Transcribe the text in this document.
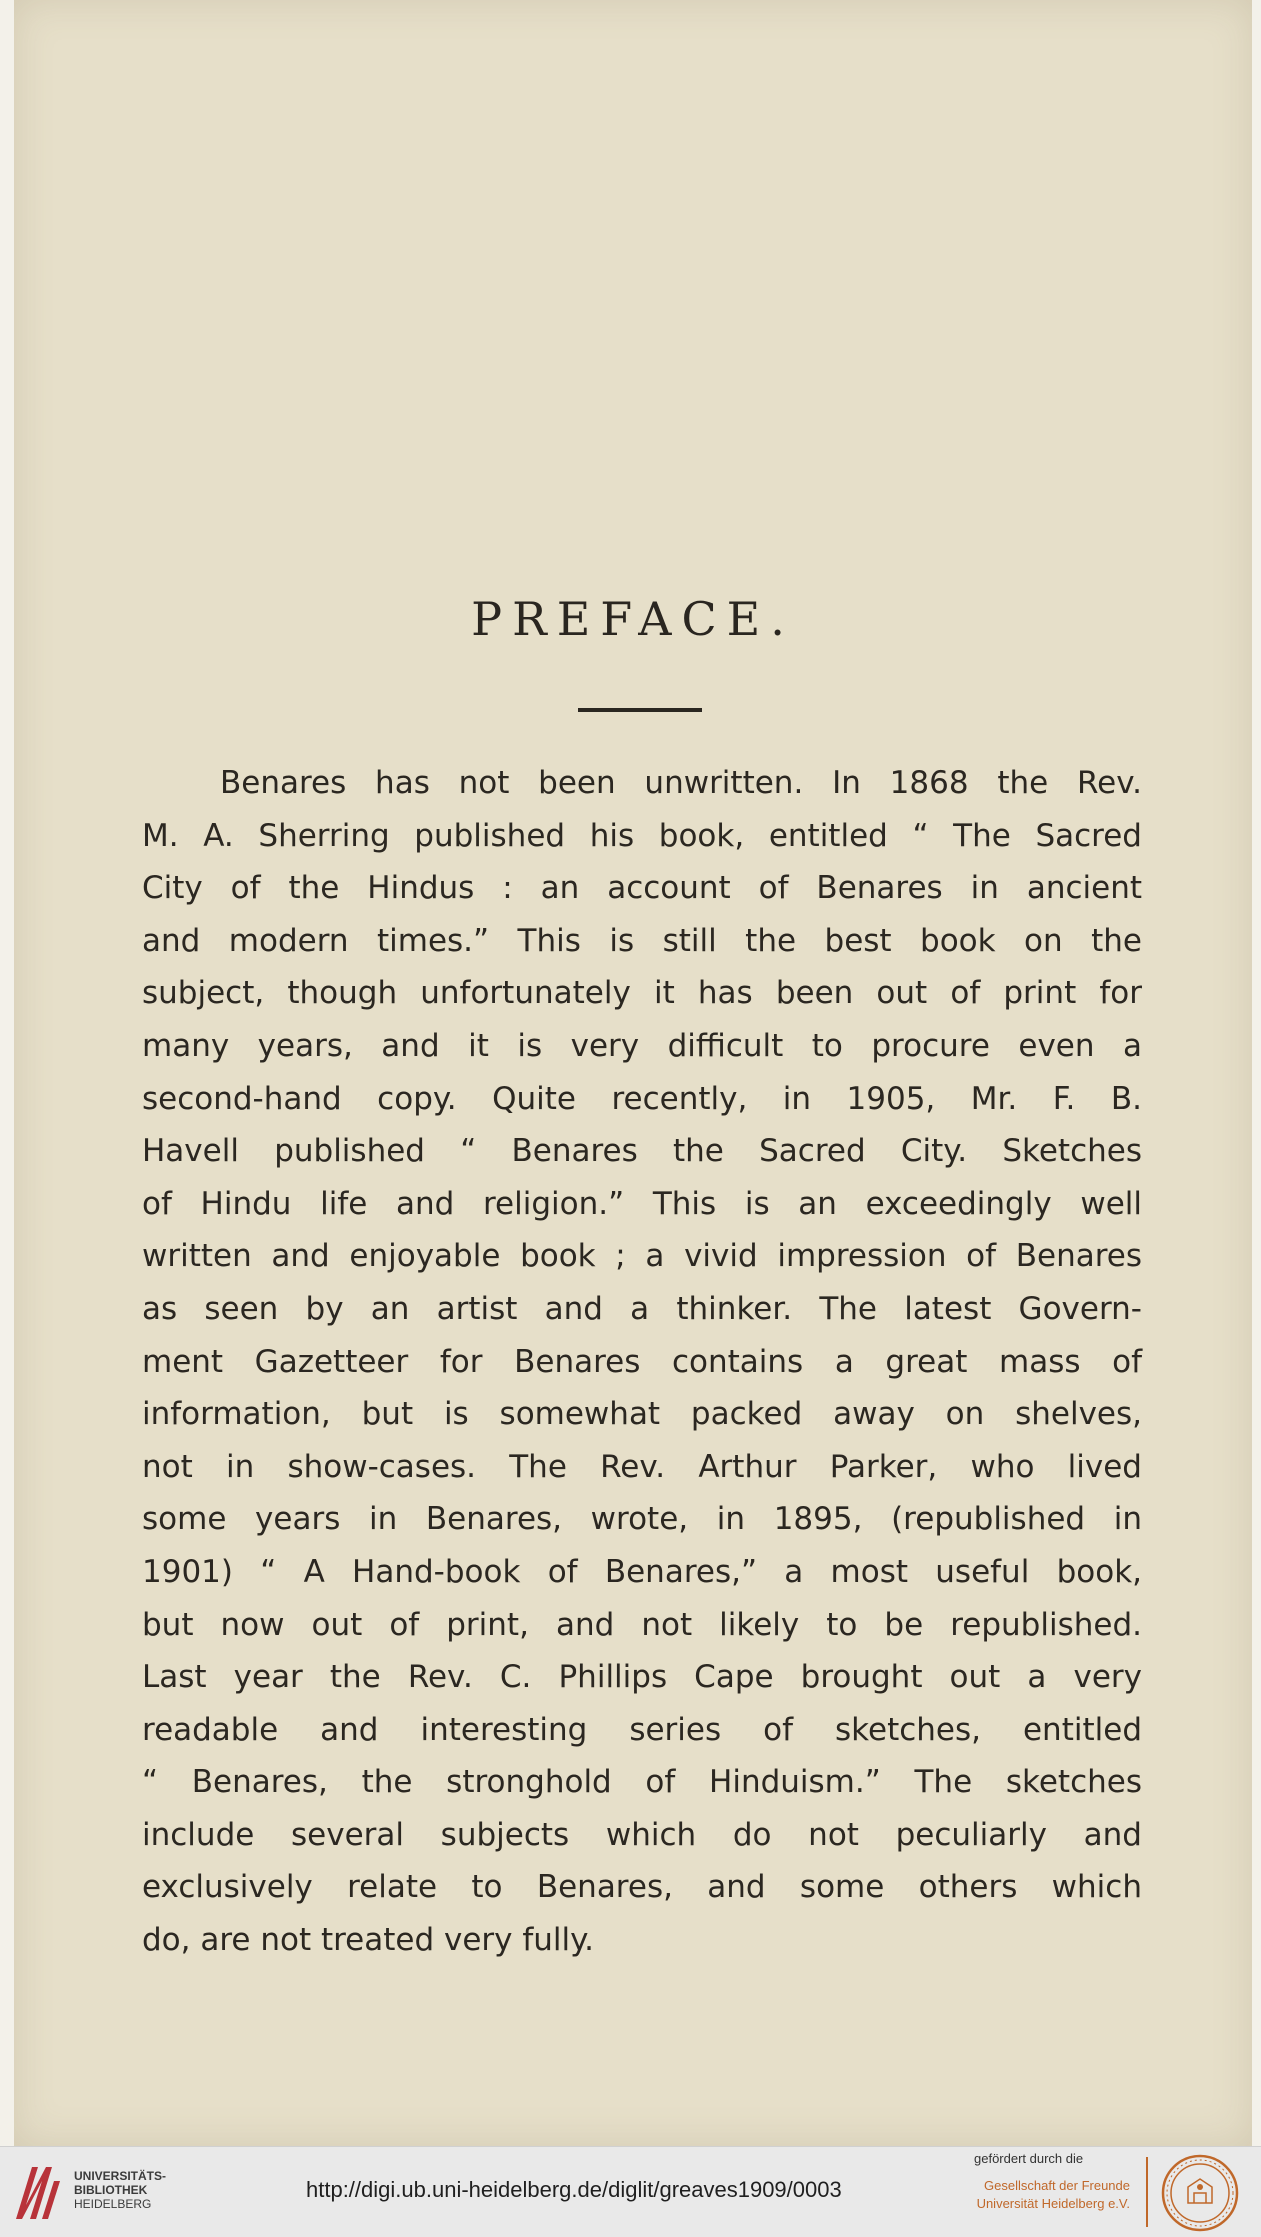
PREFACE.
Benares has not been unwritten. In 1868 the Rev.
M. A. Sherring published his book, entitled “ The Sacred
City of the Hindus : an account of Benares in ancient
and modern times.” This is still the best book on the
subject, though unfortunately it has been out of print for
many years, and it is very difficult to procure even a
second-hand copy. Quite recently, in 1905, Mr. F. B.
Havell published “ Benares the Sacred City. Sketches
of Hindu life and religion.” This is an exceedingly well
written and enjoyable book ; a vivid impression of Benares
as seen by an artist and a thinker. The latest Govern-
ment Gazetteer for Benares contains a great mass of
information, but is somewhat packed away on shelves,
not in show-cases. The Rev. Arthur Parker, who lived
some years in Benares, wrote, in 1895, (republished in
1901) “ A Hand-book of Benares,” a most useful book,
but now out of print, and not likely to be republished.
Last year the Rev. C. Phillips Cape brought out a very
readable and interesting series of sketches, entitled
“ Benares, the stronghold of Hinduism.” The sketches
include several subjects which do not peculiarly and
exclusively relate to Benares, and some others which
do, are not treated very fully.
UNIVERSITÄTS-
BIBLIOTHEK
HEIDELBERG
http://digi.ub.uni-heidelberg.de/diglit/greaves1909/0003
gefördert durch die
Gesellschaft der Freunde
Universität Heidelberg e.V.
